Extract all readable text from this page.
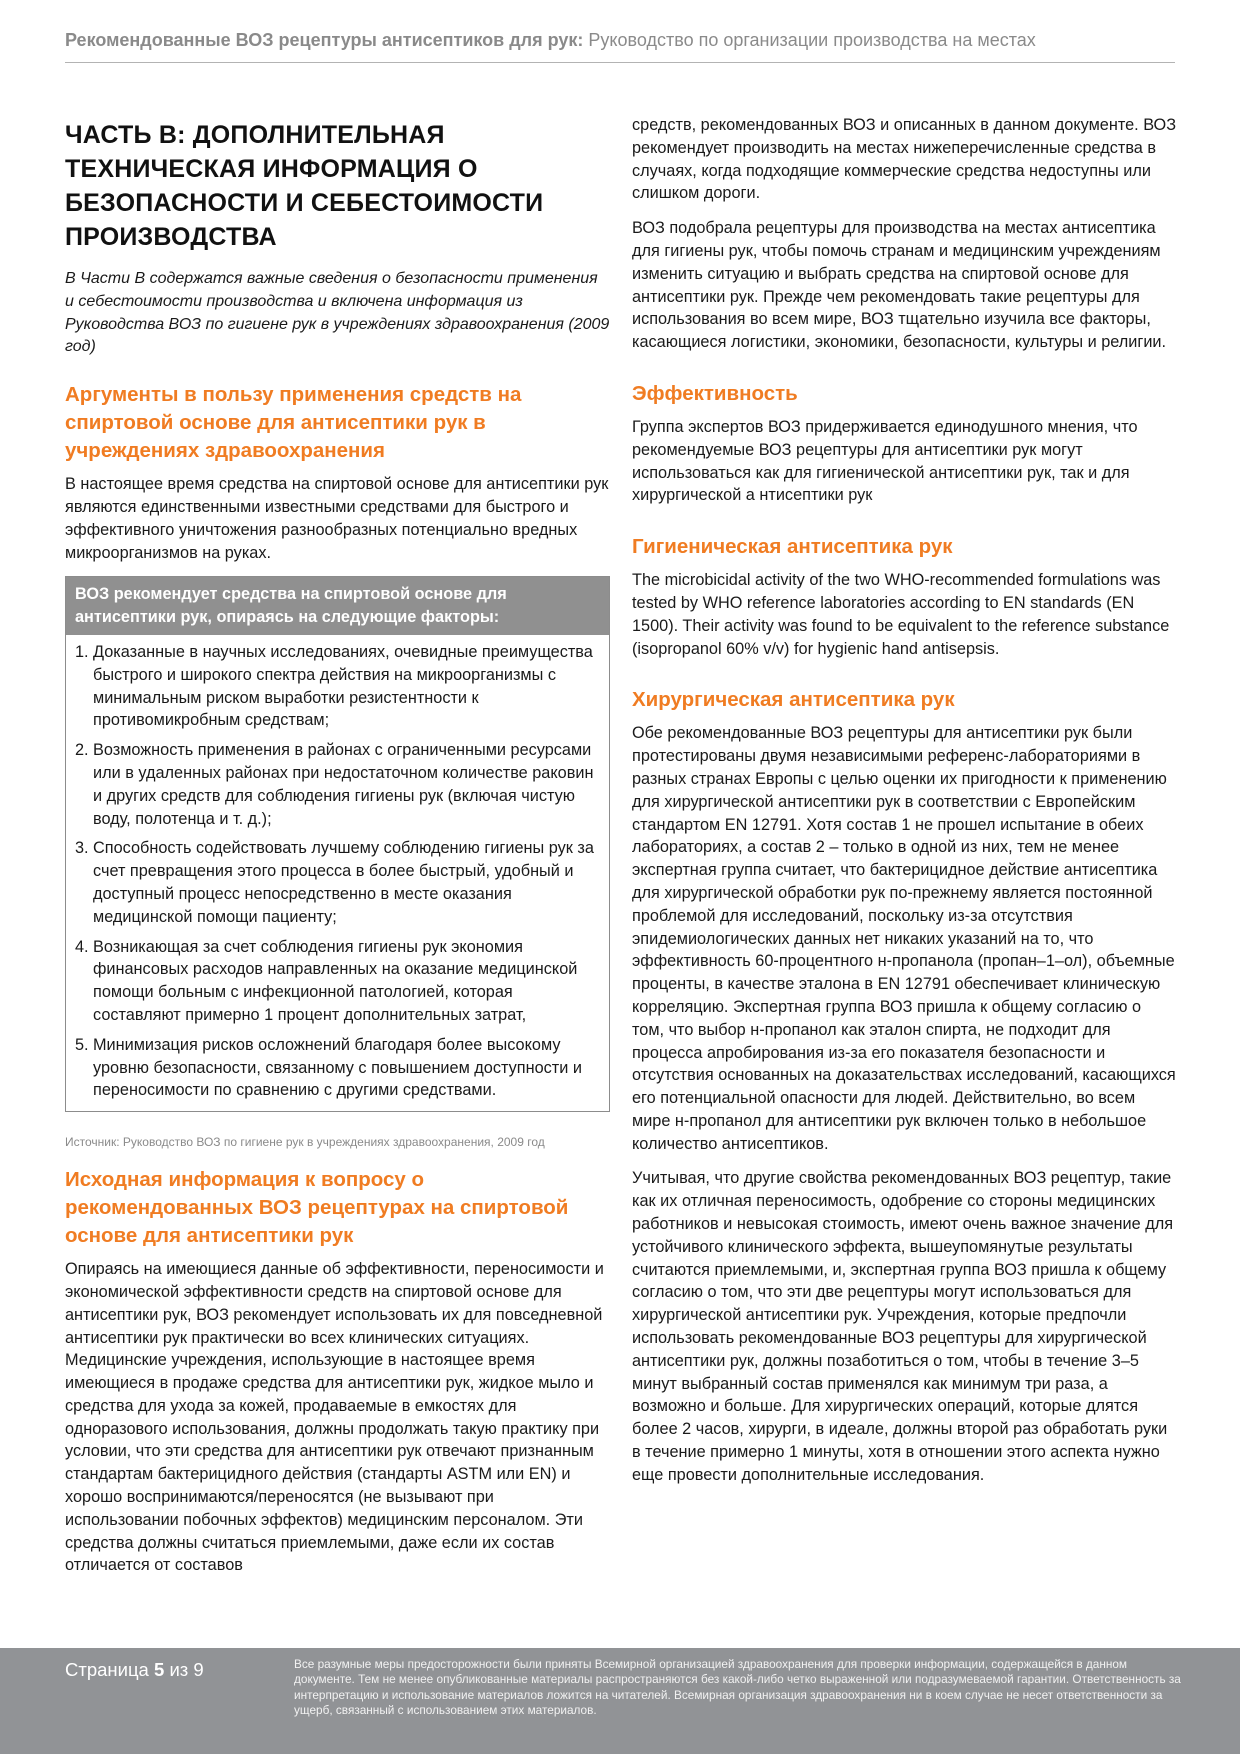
Рекомендованные ВОЗ рецептуры антисептиков для рук: Руководство по организации производства на местах
ЧАСТЬ В: ДОПОЛНИТЕЛЬНАЯ ТЕХНИЧЕСКАЯ ИНФОРМАЦИЯ О БЕЗОПАСНОСТИ И СЕБЕСТОИМОСТИ ПРОИЗВОДСТВА

В Части В содержатся важные сведения о безопасности применения и себестоимости производства и включена информация из Руководства ВОЗ по гигиене рук в учреждениях здравоохранения (2009 год)

Аргументы в пользу применения средств на спиртовой основе для антисептики рук в учреждениях здравоохранения

В настоящее время средства на спиртовой основе для антисептики рук являются единственными известными средствами для быстрого и эффективного уничтожения разнообразных потенциально вредных микроорганизмов на руках.

ВОЗ рекомендует средства на спиртовой основе для антисептики рук, опираясь на следующие факторы:
1. Доказанные в научных исследованиях, очевидные преимущества быстрого и широкого спектра действия на микроорганизмы с минимальным риском выработки резистентности к противомикробным средствам;
2. Возможность применения в районах с ограниченными ресурсами или в удаленных районах при недостаточном количестве раковин и других средств для соблюдения гигиены рук (включая чистую воду, полотенца и т. д.);
3. Способность содействовать лучшему соблюдению гигиены рук за счет превращения этого процесса в более быстрый, удобный и доступный процесс непосредственно в месте оказания медицинской помощи пациенту;
4. Возникающая за счет соблюдения гигиены рук экономия финансовых расходов направленных на оказание медицинской помощи больным с инфекционной патологией, которая составляют примерно 1 процент дополнительных затрат,
5. Минимизация рисков осложнений благодаря более высокому уровню безопасности, связанному с повышением доступности и переносимости по сравнению с другими средствами.

Источник: Руководство ВОЗ по гигиене рук в учреждениях здравоохранения, 2009 год

Исходная информация к вопросу о рекомендованных ВОЗ рецептурах на спиртовой основе для антисептики рук

Опираясь на имеющиеся данные об эффективности, переносимости и экономической эффективности средств на спиртовой основе для антисептики рук, ВОЗ рекомендует использовать их для повседневной антисептики рук практически во всех клинических ситуациях. Медицинские учреждения, использующие в настоящее время имеющиеся в продаже средства для антисептики рук, жидкое мыло и средства для ухода за кожей, продаваемые в емкостях для одноразового использования, должны продолжать такую практику при условии, что эти средства для антисептики рук отвечают признанным стандартам бактерицидного действия (стандарты ASTM или EN) и хорошо воспринимаются/переносятся (не вызывают при использовании побочных эффектов) медицинским персоналом. Эти средства должны считаться приемлемыми, даже если их состав отличается от составов

средств, рекомендованных ВОЗ и описанных в данном документе. ВОЗ рекомендует производить на местах нижеперечисленные средства в случаях, когда подходящие коммерческие средства недоступны или слишком дороги.

ВОЗ подобрала рецептуры для производства на местах антисептика для гигиены рук, чтобы помочь странам и медицинским учреждениям изменить ситуацию и выбрать средства на спиртовой основе для антисептики рук. Прежде чем рекомендовать такие рецептуры для использования во всем мире, ВОЗ тщательно изучила все факторы, касающиеся логистики, экономики, безопасности, культуры и религии.

Эффективность

Группа экспертов ВОЗ придерживается единодушного мнения, что рекомендуемые ВОЗ рецептуры для антисептики рук могут использоваться как для гигиенической антисептики рук, так и для хирургической а нтисептики рук

Гигиеническая антисептика рук

The microbicidal activity of the two WHO-recommended formulations was tested by WHO reference laboratories according to EN standards (EN 1500). Their activity was found to be equivalent to the reference substance (isopropanol 60% v/v) for hygienic hand antisepsis.

Хирургическая антисептика рук

Обе рекомендованные ВОЗ рецептуры для антисептики рук были протестированы двумя независимыми референс-лабораториями в разных странах Европы с целью оценки их пригодности к применению для хирургической антисептики рук в соответствии с Европейским стандартом EN 12791. Хотя состав 1 не прошел испытание в обеих лабораториях, а состав 2 – только в одной из них, тем не менее экспертная группа считает, что бактерицидное действие антисептика для хирургической обработки рук по-прежнему является постоянной проблемой для исследований, поскольку из-за отсутствия эпидемиологических данных нет никаких указаний на то, что эффективность 60-процентного н-пропанола (пропан–1–ол), объемные проценты, в качестве эталона в EN 12791 обеспечивает клиническую корреляцию. Экспертная группа ВОЗ пришла к общему согласию о том, что выбор н-пропанол как эталон спирта, не подходит для процесса апробирования из-за его показателя безопасности и отсутствия основанных на доказательствах исследований, касающихся его потенциальной опасности для людей. Действительно, во всем мире н-пропанол для антисептики рук включен только в небольшое количество антисептиков.

Учитывая, что другие свойства рекомендованных ВОЗ рецептур, такие как их отличная переносимость, одобрение со стороны медицинских работников и невысокая стоимость, имеют очень важное значение для устойчивого клинического эффекта, вышеупомянутые результаты считаются приемлемыми, и, экспертная группа ВОЗ пришла к общему согласию о том, что эти две рецептуры могут использоваться для хирургической антисептики рук. Учреждения, которые предпочли использовать рекомендованные ВОЗ рецептуры для хирургической антисептики рук, должны позаботиться о том, чтобы в течение 3–5 минут выбранный состав применялся как минимум три раза, а возможно и больше. Для хирургических операций, которые длятся более 2 часов, хирурги, в идеале, должны второй раз обработать руки в течение примерно 1 минуты, хотя в отношении этого аспекта нужно еще провести дополнительные исследования.

Страница 5 из 9	Все разумные меры предосторожности были приняты Всемирной организацией здравоохранения для проверки информации, содержащейся в данном документе. Тем не менее опубликованные материалы распространяются без какой-либо четко выраженной или подразумеваемой гарантии. Ответственность за интерпретацию и использование материалов ложится на читателей. Всемирная организация здравоохранения ни в коем случае не несет ответственности за ущерб, связанный с использованием этих материалов.
